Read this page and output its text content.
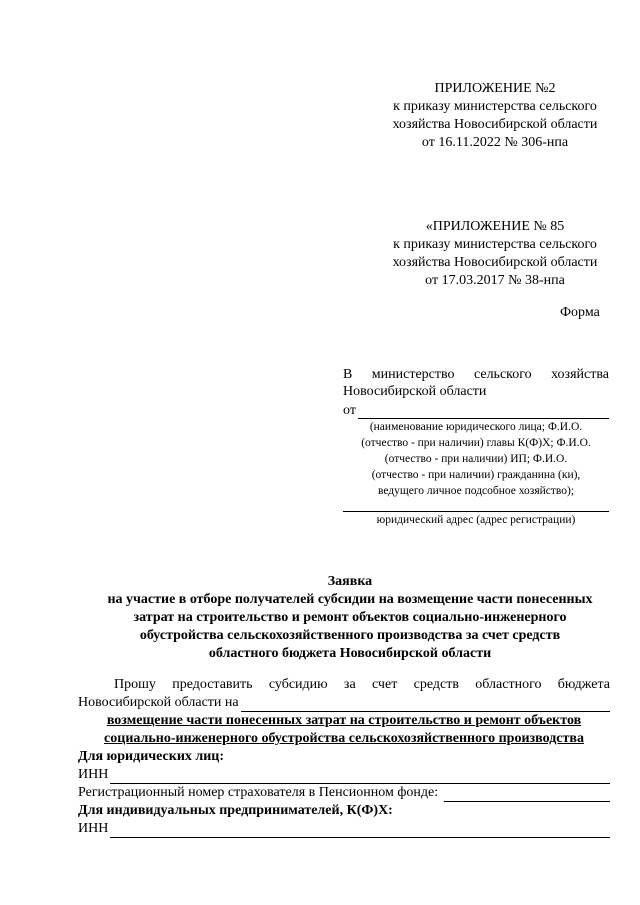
ПРИЛОЖЕНИЕ №2
к приказу министерства сельского
хозяйства Новосибирской области
от 16.11.2022 № 306-нпа
«ПРИЛОЖЕНИЕ № 85
к приказу министерства сельского
хозяйства Новосибирской области
от 17.03.2017 № 38-нпа
Форма
В министерство сельского хозяйства
Новосибирской области
от
(наименование юридического лица; Ф.И.О.
(отчество - при наличии) главы К(Ф)Х; Ф.И.О.
(отчество - при наличии) ИП; Ф.И.О.
(отчество - при наличии) гражданина (ки),
ведущего личное подсобное хозяйство);
юридический адрес (адрес регистрации)
Заявка
на участие в отборе получателей субсидии на возмещение части понесенных
затрат на строительство и ремонт объектов социально-инженерного
обустройства сельскохозяйственного производства за счет средств
областного бюджета Новосибирской области
Прошу предоставить субсидию за счет средств областного бюджета
Новосибирской области на
возмещение части понесенных затрат на строительство и ремонт объектов
социально-инженерного обустройства сельскохозяйственного производства
Для юридических лиц:
ИНН
Регистрационный номер страхователя в Пенсионном фонде:
Для индивидуальных предпринимателей, К(Ф)Х:
ИНН
